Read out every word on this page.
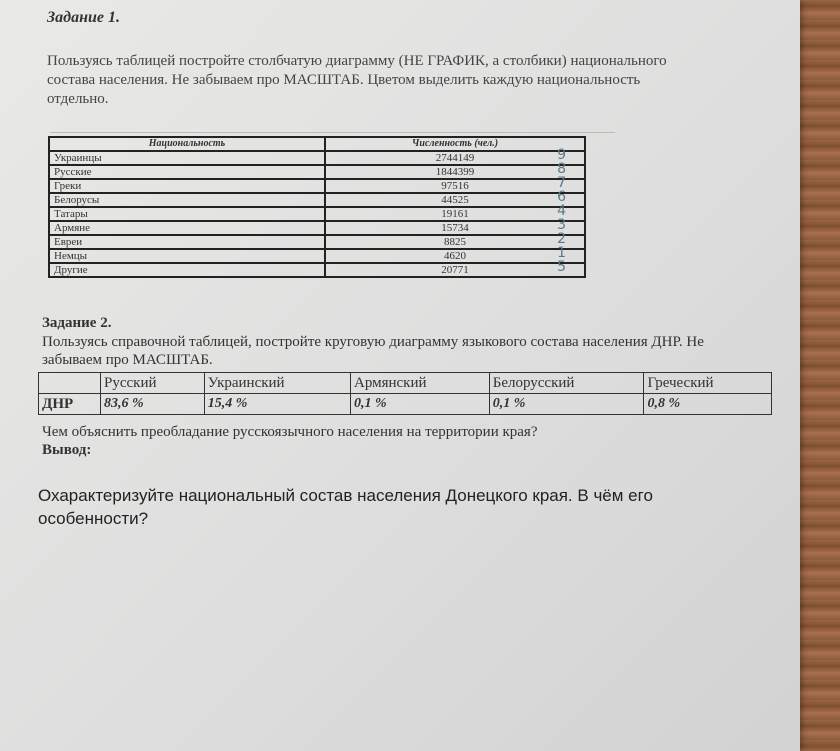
Задание 1.
Пользуясь таблицей постройте столбчатую диаграмму (НЕ ГРАФИК, а столбики) национального состава населения. Не забываем про МАСШТАБ. Цветом выделить каждую национальность отдельно.
Национальность	Численность (чел.)
Украинцы	2744149 9

Русские	1844399 8

Греки	97516 7

Белорусы	44525 6

Татары	19161 4

Армяне	15734 3

Евреи	8825 2

Немцы	4620 1

Другие	20771 5
Задание 2.
Пользуясь справочной таблицей, постройте круговую диаграмму языкового состава населения ДНР. Не забываем про МАСШТАБ.
	Русский	Украинский	Армянский	Белорусский	Греческий
ДНР	83,6 %	15,4 %	0,1 %	0,1 %	0,8 %
Чем объяснить преобладание русскоязычного населения на территории края?
Вывод:
Охарактеризуйте национальный состав населения Донецкого края. В чём его особенности?
